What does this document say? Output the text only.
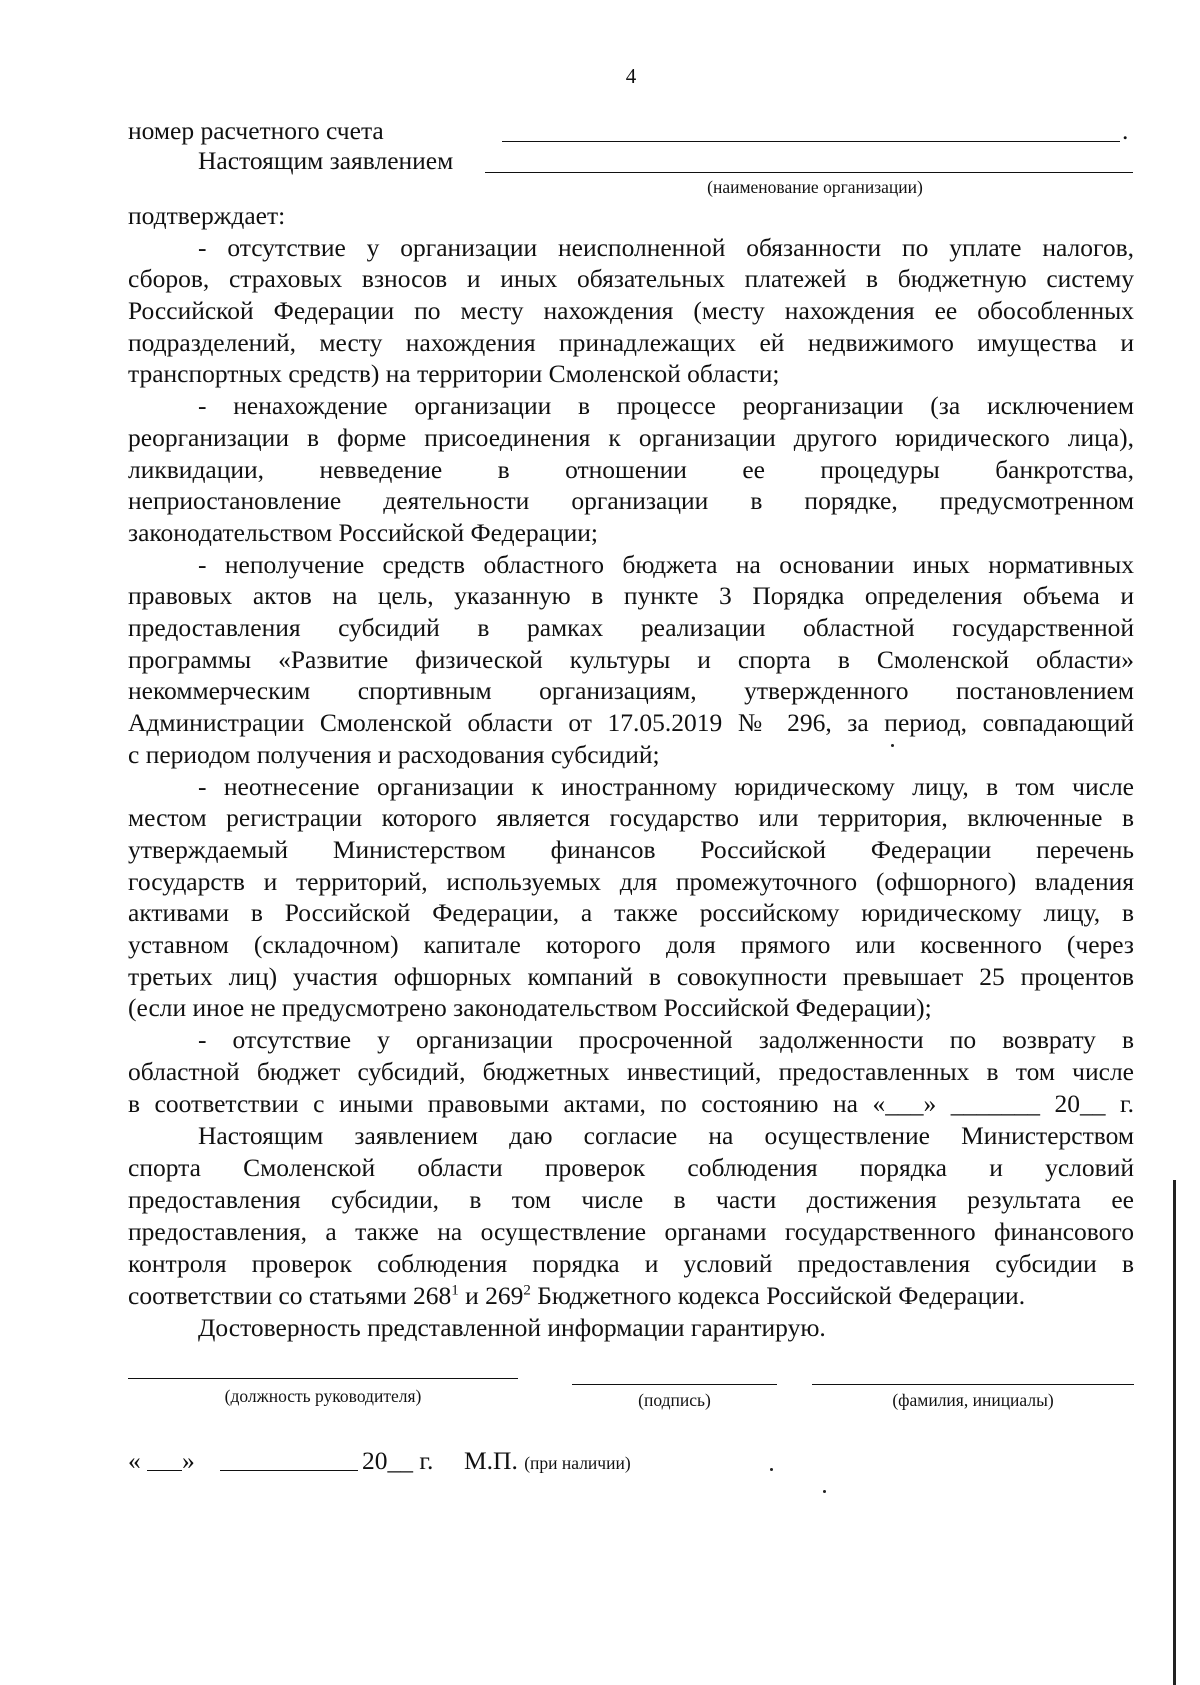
4
номер расчетного счета	.
Настоящим заявлением
(наименование организации)
подтверждает:
- отсутствие у организации неисполненной обязанности по уплате налогов,
сборов, страховых взносов и иных обязательных платежей в бюджетную систему
Российской Федерации по месту нахождения (месту нахождения ее обособленных
подразделений, месту нахождения принадлежащих ей недвижимого имущества и
транспортных средств) на территории Смоленской области;
- ненахождение организации в процессе реорганизации (за исключением
реорганизации в форме присоединения к организации другого юридического лица),
ликвидации, невведение в отношении ее процедуры банкротства,
неприостановление деятельности организации в порядке, предусмотренном
законодательством Российской Федерации;
- неполучение средств областного бюджета на основании иных нормативных
правовых актов на цель, указанную в пункте 3 Порядка определения объема и
предоставления субсидий в рамках реализации областной государственной
программы «Развитие физической культуры и спорта в Смоленской области»
некоммерческим спортивным организациям, утвержденного постановлением
Администрации Смоленской области от 17.05.2019 № 296, за период, совпадающий
с периодом получения и расходования субсидий;
- неотнесение организации к иностранному юридическому лицу, в том числе
местом регистрации которого является государство или территория, включенные в
утверждаемый Министерством финансов Российской Федерации перечень
государств и территорий, используемых для промежуточного (офшорного) владения
активами в Российской Федерации, а также российскому юридическому лицу, в
уставном (складочном) капитале которого доля прямого или косвенного (через
третьих лиц) участия офшорных компаний в совокупности превышает 25 процентов
(если иное не предусмотрено законодательством Российской Федерации);
- отсутствие у организации просроченной задолженности по возврату в
областной бюджет субсидий, бюджетных инвестиций, предоставленных в том числе
в соответствии с иными правовыми актами, по состоянию на «___» _______ 20__ г.
Настоящим заявлением даю согласие на осуществление Министерством
спорта Смоленской области проверок соблюдения порядка и условий
предоставления субсидии, в том числе в части достижения результата ее
предоставления, а также на осуществление органами государственного финансового
контроля проверок соблюдения порядка и условий предоставления субсидии в
соответствии со статьями $268^1$ и $269^2$ Бюджетного кодекса Российской Федерации.
Достоверность представленной информации гарантирую.
(должность руководителя)	(подпись)	(фамилия, инициалы)
« »	20__ г. М.П. (при наличии)
